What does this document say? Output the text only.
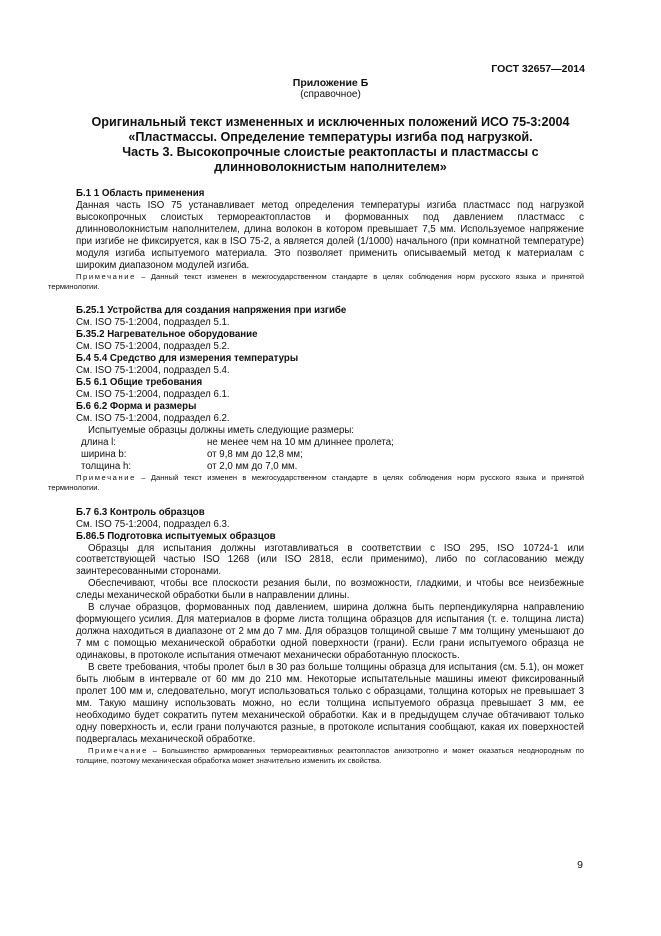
ГОСТ 32657—2014
Приложение Б
(справочное)
Оригинальный текст измененных и исключенных положений ИСО 75-3:2004
«Пластмассы. Определение температуры изгиба под нагрузкой.
Часть 3. Высокопрочные слоистые реактопласты и пластмассы с
длинноволокнистым наполнителем»
Б.1 1 Область применения
Данная часть ISO 75 устанавливает метод определения температуры изгиба пластмасс под нагрузкой высокопрочных слоистых термореактопластов и формованных под давлением пластмасс с длинноволокнистым наполнителем, длина волокон в котором превышает 7,5 мм. Используемое напряжение при изгибе не фиксируется, как в ISO 75-2, а является долей (1/1000) начального (при комнатной температуре) модуля изгиба испытуемого материала. Это позволяет применить описываемый метод к материалам с широким диапазоном модулей изгиба.
Примечание – Данный текст изменен в межгосударственном стандарте в целях соблюдения норм русского языка и принятой терминологии.
Б.25.1 Устройства для создания напряжения при изгибе
См. ISO 75-1:2004, подраздел 5.1.
Б.35.2 Нагревательное оборудование
См. ISO 75-1:2004, подраздел 5.2.
Б.4 5.4 Средство для измерения температуры
См. ISO 75-1:2004, подраздел 5.4.
Б.5 6.1 Общие требования
См. ISO 75-1:2004, подраздел 6.1.
Б.6 6.2 Форма и размеры
См. ISO 75-1:2004, подраздел 6.2.
Испытуемые образцы должны иметь следующие размеры:
длина l:	не менее чем на 10 мм длиннее пролета;
ширина b:	от 9,8 мм до 12,8 мм;
толщина h:	от 2,0 мм до 7,0 мм.
Примечание – Данный текст изменен в межгосударственном стандарте в целях соблюдения норм русского языка и принятой терминологии.
Б.7 6.3 Контроль образцов
См. ISO 75-1:2004, подраздел 6.3.
Б.86.5 Подготовка испытуемых образцов
Образцы для испытания должны изготавливаться в соответствии с ISO 295, ISO 10724-1 или соответствующей частью ISO 1268 (или ISO 2818, если применимо), либо по согласованию между заинтересованными сторонами.
Обеспечивают, чтобы все плоскости резания были, по возможности, гладкими, и чтобы все неизбежные следы механической обработки были в направлении длины.
В случае образцов, формованных под давлением, ширина должна быть перпендикулярна направлению формующего усилия. Для материалов в форме листа толщина образцов для испытания (т. е. толщина листа) должна находиться в диапазоне от 2 мм до 7 мм. Для образцов толщиной свыше 7 мм толщину уменьшают до 7 мм с помощью механической обработки одной поверхности (грани). Если грани испытуемого образца не одинаковы, в протоколе испытания отмечают механически обработанную плоскость.
В свете требования, чтобы пролет был в 30 раз больше толщины образца для испытания (см. 5.1), он может быть любым в интервале от 60 мм до 210 мм. Некоторые испытательные машины имеют фиксированный пролет 100 мм и, следовательно, могут использоваться только с образцами, толщина которых не превышает 3 мм. Такую машину использовать можно, но если толщина испытуемого образца превышает 3 мм, ее необходимо будет сократить путем механической обработки. Как и в предыдущем случае обтачивают только одну поверхность и, если грани получаются разные, в протоколе испытания сообщают, какая их поверхностей подвергалась механической обработке.
Примечание – Большинство армированных термореактивных реактопластов анизотропно и может оказаться неоднородным по толщине, поэтому механическая обработка может значительно изменить их свойства.
9
